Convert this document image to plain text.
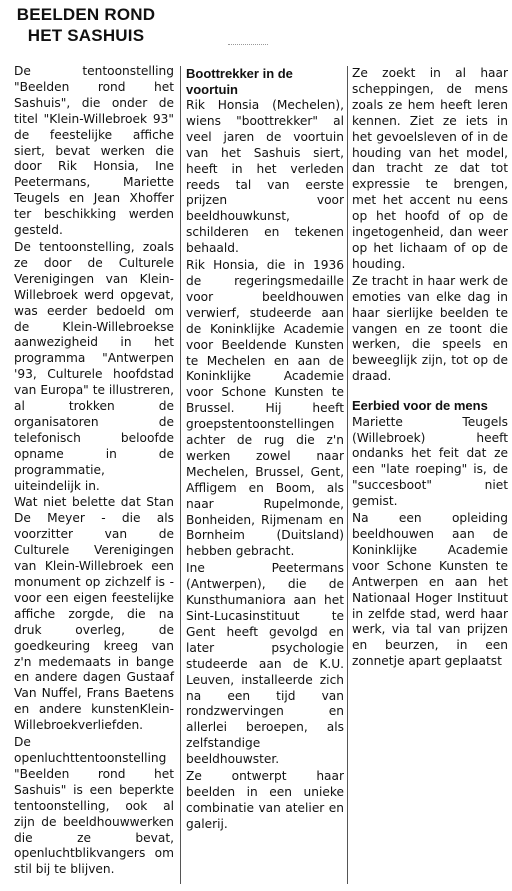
BEELDEN ROND HET SASHUIS

De tentoonstelling "Beelden rond het Sashuis", die onder de titel "Klein-Willebroek 93" de feestelijke affiche siert, bevat werken die door Rik Honsia, Ine Peetermans, Mariette Teugels en Jean Xhoffer ter beschikking werden gesteld.

De tentoonstelling, zoals ze door de Culturele Verenigingen van Klein-Willebroek werd opgevat, was eerder bedoeld om de Klein-Willebroekse aanwezigheid in het programma "Antwerpen '93, Culturele hoofdstad van Europa" te illustreren, al trokken de organisatoren de telefonisch beloofde opname in de programmatie, uiteindelijk in.

Wat niet belette dat Stan De Meyer - die als voorzitter van de Culturele Verenigingen van Klein-Willebroek een monument op zichzelf is - voor een eigen feestelijke affiche zorgde, die na druk overleg, de goedkeuring kreeg van z'n medemaats in bange en andere dagen Gustaaf Van Nuffel, Frans Baetens en andere kunstenKlein-Willebroekverliefden.

De openluchttentoonstelling "Beelden rond het Sashuis" is een beperkte tentoonstelling, ook al zijn de beeldhouwwerken die ze bevat, openluchtblikvangers om stil bij te blijven.

Boottrekker in de voortuin

Rik Honsia (Mechelen), wiens "boottrekker" al veel jaren de voortuin van het Sashuis siert, heeft in het verleden reeds tal van eerste prijzen voor beeldhouwkunst, schilderen en tekenen behaald.

Rik Honsia, die in 1936 de regeringsmedaille voor beeldhouwen verwierf, studeerde aan de Koninklijke Academie voor Beeldende Kunsten te Mechelen en aan de Koninklijke Academie voor Schone Kunsten te Brussel. Hij heeft groepstentoonstellingen achter de rug die z'n werken zowel naar Mechelen, Brussel, Gent, Affligem en Boom, als naar Rupelmonde, Bonheiden, Rijmenam en Bornheim (Duitsland) hebben gebracht.

Ine Peetermans (Antwerpen), die de Kunsthumaniora aan het Sint-Lucasinstituut te Gent heeft gevolgd en later psychologie studeerde aan de K.U. Leuven, installeerde zich na een tijd van rondzwervingen en allerlei beroepen, als zelfstandige beeldhouwster.

Ze ontwerpt haar beelden in een unieke combinatie van atelier en galerij.

Ze zoekt in al haar scheppingen, de mens zoals ze hem heeft leren kennen. Ziet ze iets in het gevoelsleven of in de houding van het model, dan tracht ze dat tot expressie te brengen, met het accent nu eens op het hoofd of op de ingetogenheid, dan weer op het lichaam of op de houding.

Ze tracht in haar werk de emoties van elke dag in haar sierlijke beelden te vangen en ze toont die werken, die speels en beweeglijk zijn, tot op de draad.

Eerbied voor de mens

Mariette Teugels (Willebroek) heeft ondanks het feit dat ze een "late roeping" is, de "succesboot" niet gemist.

Na een opleiding beeldhouwen aan de Koninklijke Academie voor Schone Kunsten te Antwerpen en aan het Nationaal Hoger Instituut in zelfde stad, werd haar werk, via tal van prijzen en beurzen, in een zonnetje apart geplaatst
